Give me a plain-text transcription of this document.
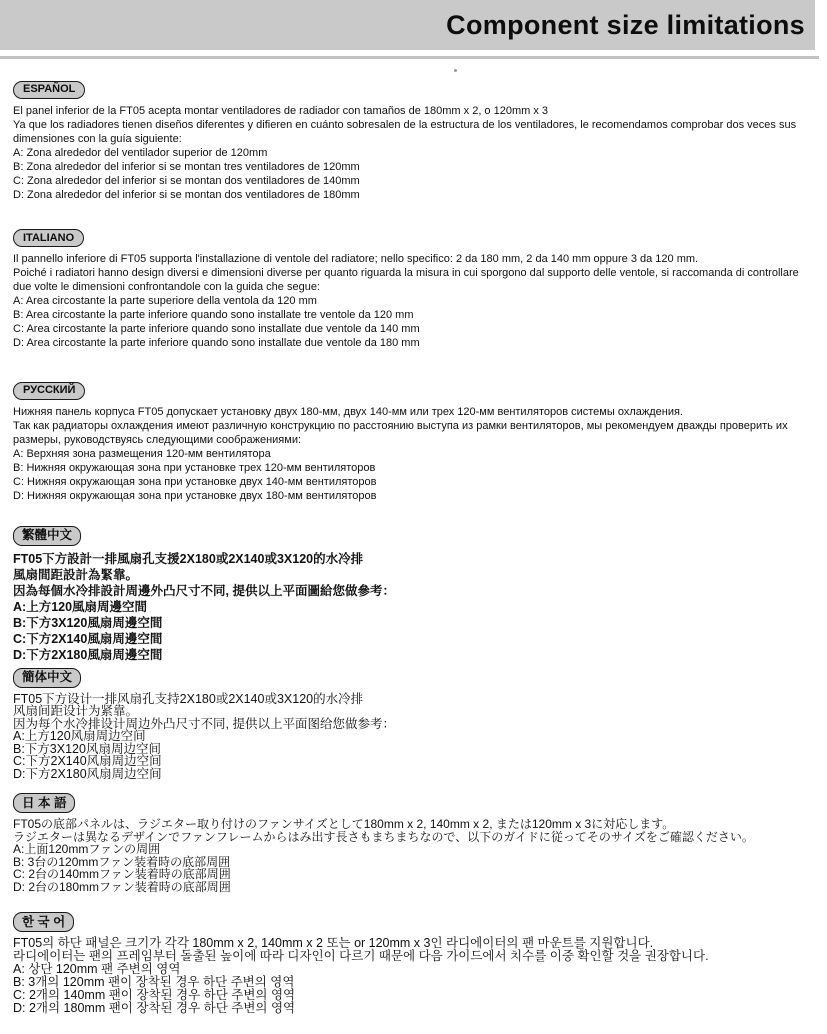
Component size limitations
ESPAÑOL
El panel inferior de la FT05 acepta montar ventiladores de radiador con tamaños de 180mm x 2, o 120mm x 3
Ya que los radiadores tienen diseños diferentes y difieren en cuánto sobresalen de la estructura de los ventiladores, le recomendamos comprobar dos veces sus dimensiones con la guía siguiente:
A: Zona alrededor del ventilador superior de 120mm
B: Zona alrededor del inferior si se montan tres ventiladores de 120mm
C: Zona alrededor del inferior si se montan dos ventiladores de 140mm
D: Zona alrededor del inferior si se montan dos ventiladores de 180mm
ITALIANO
Il pannello inferiore di FT05 supporta l'installazione di ventole del radiatore; nello specifico: 2 da 180 mm, 2 da 140 mm oppure 3 da 120 mm.
Poiché i radiatori hanno design diversi e dimensioni diverse per quanto riguarda la misura in cui sporgono dal supporto delle ventole, si raccomanda di controllare due volte le dimensioni confrontandole con la guida che segue:
A: Area circostante la parte superiore della ventola da 120 mm
B: Area circostante la parte inferiore quando sono installate tre ventole da 120 mm
C: Area circostante la parte inferiore quando sono installate due ventole da 140 mm
D: Area circostante la parte inferiore quando sono installate due ventole da 180 mm
РУССКИЙ
Нижняя панель корпуса FT05 допускает установку двух 180-мм, двух 140-мм или трех 120-мм вентиляторов системы охлаждения.
Так как радиаторы охлаждения имеют различную конструкцию по расстоянию выступа из рамки вентиляторов, мы рекомендуем дважды проверить их размеры, руководствуясь следующими соображениями:
A: Верхняя зона размещения 120-мм вентилятора
B: Нижняя окружающая зона при установке трех 120-мм вентиляторов
C: Нижняя окружающая зона при установке двух 140-мм вентиляторов
D: Нижняя окружающая зона при установке двух 180-мм вентиляторов
繁體中文
FT05下方設計一排風扇孔支援2X180或2X140或3X120的水冷排
風扇間距設計為緊靠。
因為每個水冷排設計周邊外凸尺寸不同, 提供以上平面圖給您做參考：
A:上方120風扇周邊空間
B:下方3X120風扇周邊空間
C:下方2X140風扇周邊空間
D:下方2X180風扇周邊空間
簡体中文
FT05下方设计一排风扇孔支持2X180或2X140或3X120的水冷排
风扇间距设计为紧靠。
因为每个水冷排设计周边外凸尺寸不同, 提供以上平面图给您做参考：
A:上方120风扇周边空间
B:下方3X120风扇周边空间
C:下方2X140风扇周边空间
D:下方2X180风扇周边空间
日 本 語
FT05の底部パネルは、ラジエター取り付けのファンサイズとして180mm x 2, 140mm x 2, または120mm x 3に対応します。
ラジエターは異なるデザインでファンフレームからはみ出す長さもまちまちなので、以下のガイドに従ってそのサイズをご確認ください。
A:上面120mmファンの周囲
B: 3台の120mmファン装着時の底部周囲
C: 2台の140mmファン装着時の底部周囲
D: 2台の180mmファン装着時の底部周囲
한 국 어
FT05의 하단 패널은 크기가 각각 180mm x 2, 140mm x 2 또는 or 120mm x 3인 라디에이터의 팬 마운트를 지원합니다.
라디에이터는 팬의 프레임부터 돌출된 높이에 따라 디자인이 다르기 때문에 다음 가이드에서 치수를 이중 확인할 것을 권장합니다.
A: 상단 120mm 팬 주변의 영역
B: 3개의 120mm 팬이 장착된 경우 하단 주변의 영역
C: 2개의 140mm 팬이 장착된 경우 하단 주변의 영역
D: 2개의 180mm 팬이 장착된 경우 하단 주변의 영역
